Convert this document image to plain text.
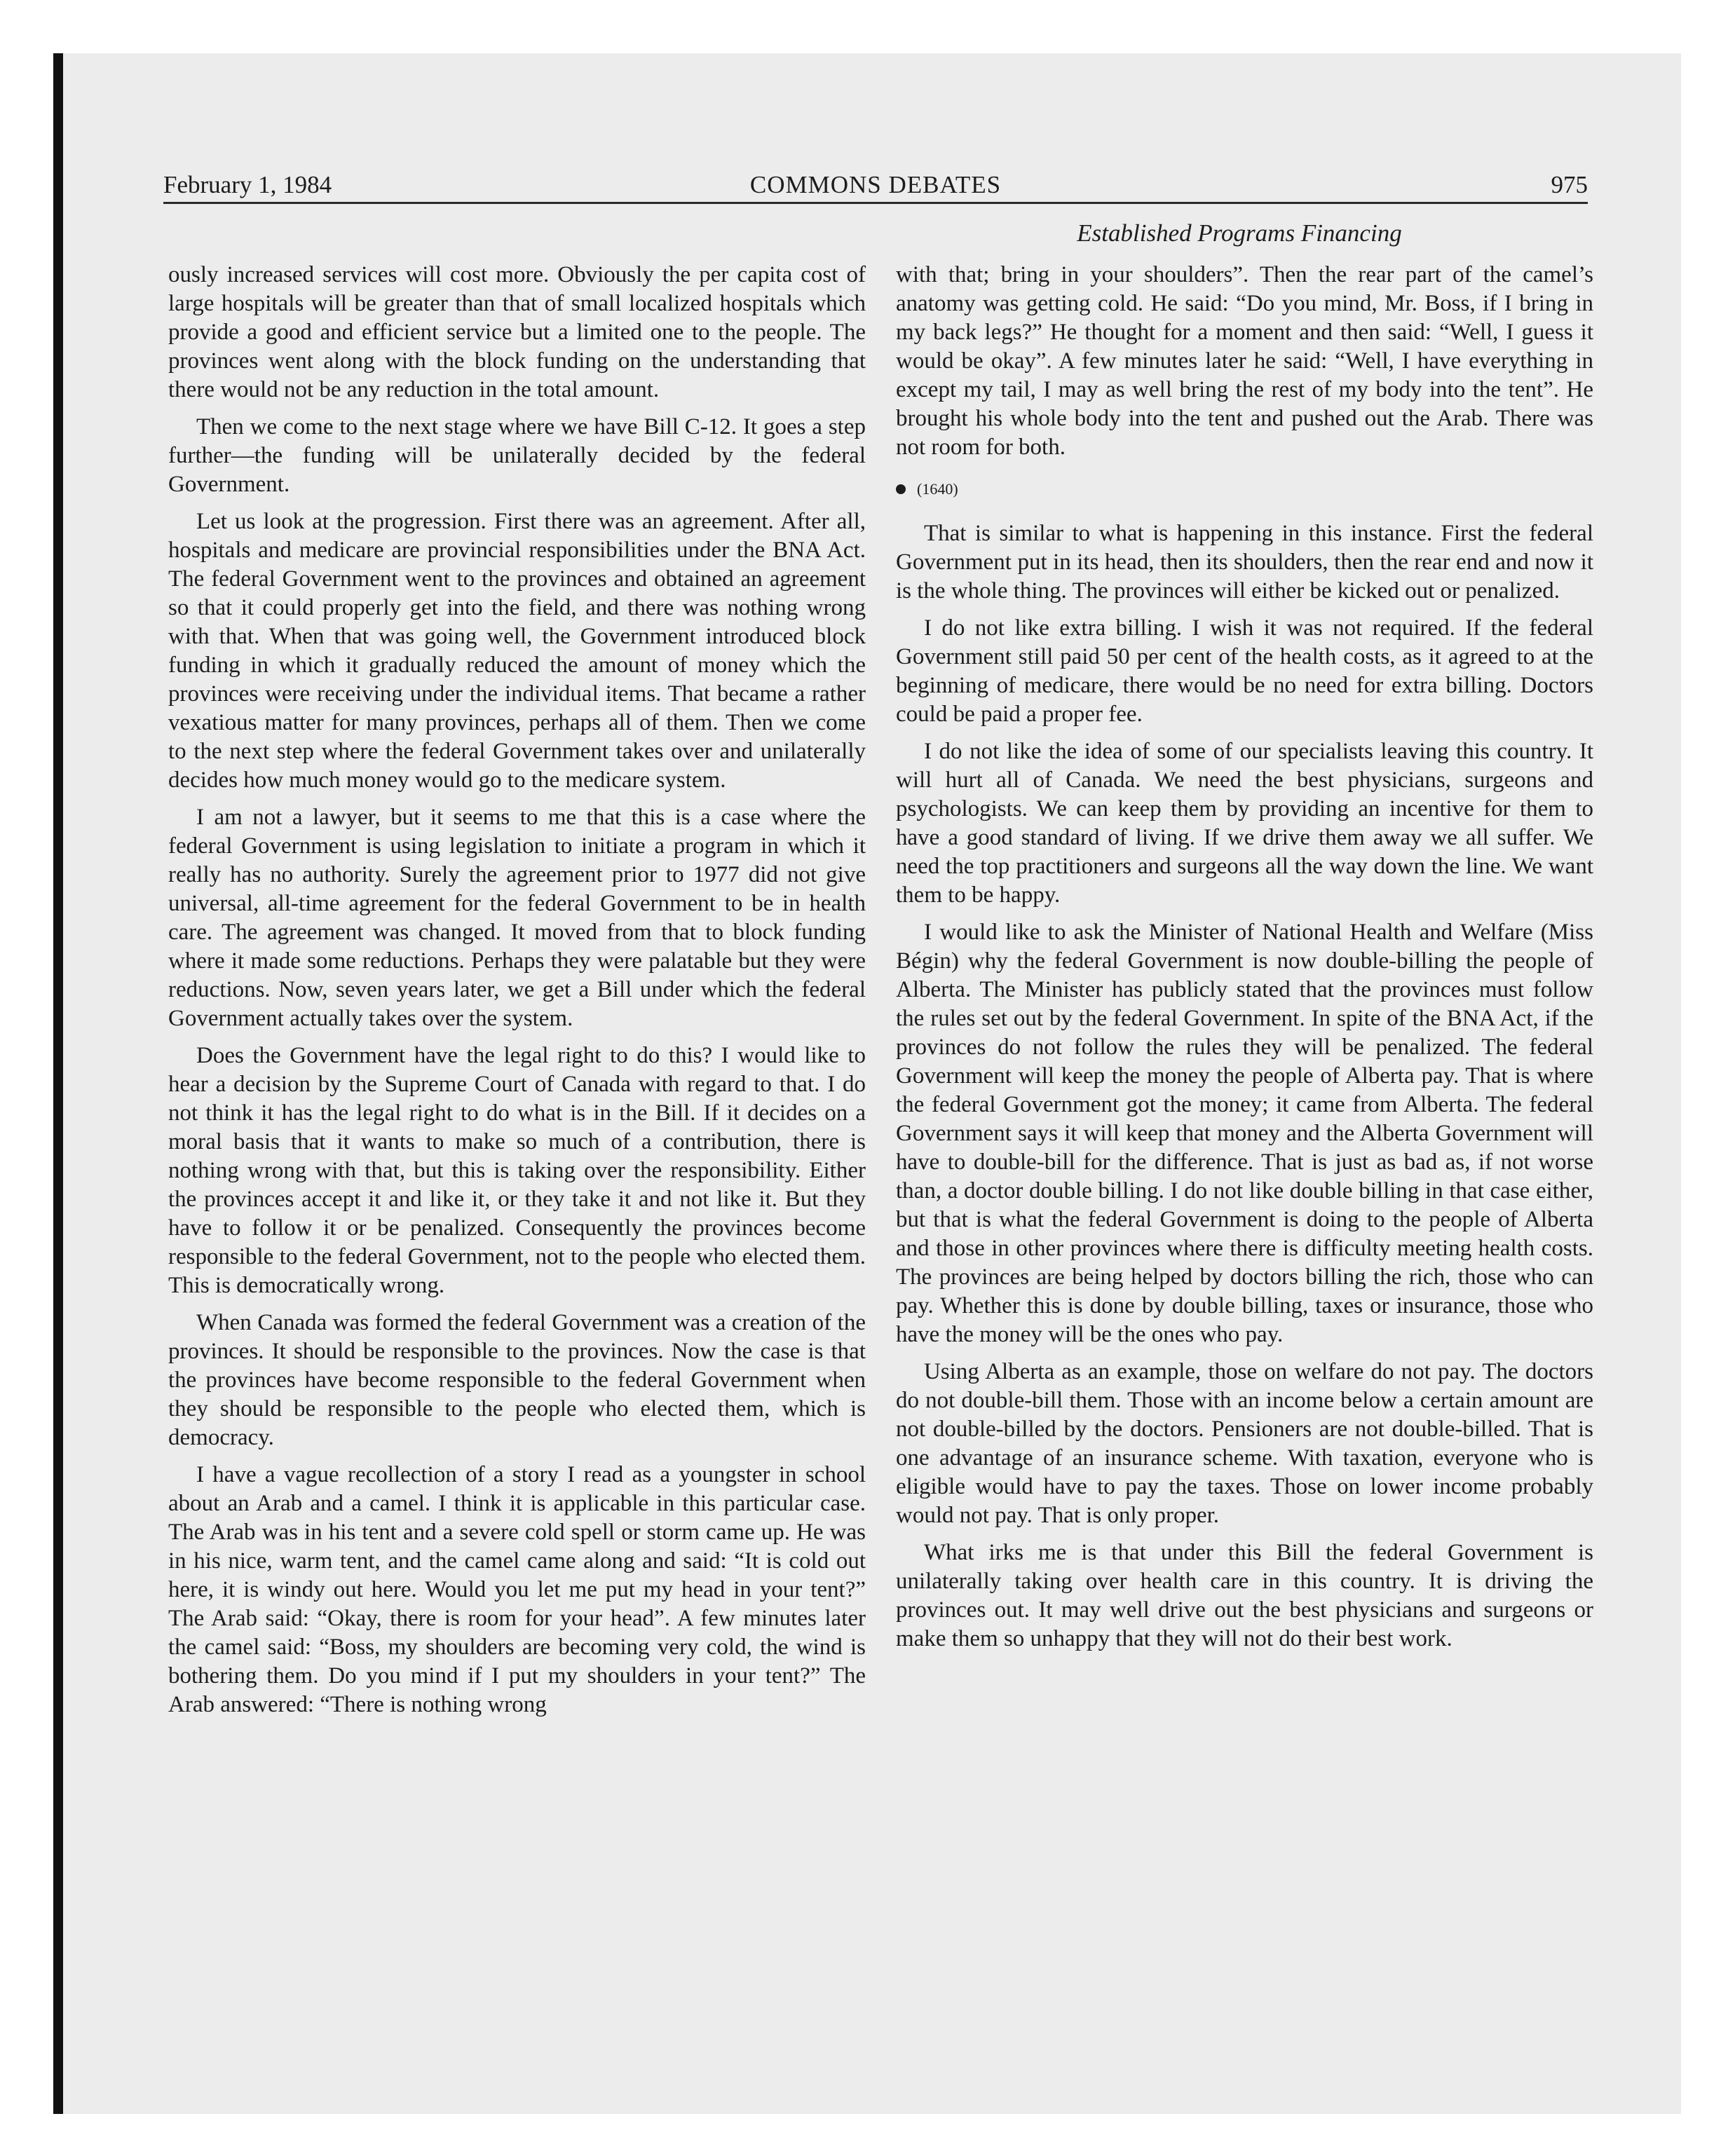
February 1, 1984	COMMONS DEBATES	975
Established Programs Financing

ously increased services will cost more. Obviously the per capita cost of large hospitals will be greater than that of small localized hospitals which provide a good and efficient service but a limited one to the people. The provinces went along with the block funding on the understanding that there would not be any reduction in the total amount.

Then we come to the next stage where we have Bill C-12. It goes a step further—the funding will be unilaterally decided by the federal Government.

Let us look at the progression. First there was an agreement. After all, hospitals and medicare are provincial responsibilities under the BNA Act. The federal Government went to the provinces and obtained an agreement so that it could properly get into the field, and there was nothing wrong with that. When that was going well, the Government introduced block funding in which it gradually reduced the amount of money which the provinces were receiving under the individual items. That became a rather vexatious matter for many provinces, perhaps all of them. Then we come to the next step where the federal Government takes over and unilaterally decides how much money would go to the medicare system.

I am not a lawyer, but it seems to me that this is a case where the federal Government is using legislation to initiate a program in which it really has no authority. Surely the agreement prior to 1977 did not give universal, all-time agreement for the federal Government to be in health care. The agreement was changed. It moved from that to block funding where it made some reductions. Perhaps they were palatable but they were reductions. Now, seven years later, we get a Bill under which the federal Government actually takes over the system.

Does the Government have the legal right to do this? I would like to hear a decision by the Supreme Court of Canada with regard to that. I do not think it has the legal right to do what is in the Bill. If it decides on a moral basis that it wants to make so much of a contribution, there is nothing wrong with that, but this is taking over the responsibility. Either the provinces accept it and like it, or they take it and not like it. But they have to follow it or be penalized. Consequently the provinces become responsible to the federal Government, not to the people who elected them. This is democratically wrong.

When Canada was formed the federal Government was a creation of the provinces. It should be responsible to the provinces. Now the case is that the provinces have become responsible to the federal Government when they should be responsible to the people who elected them, which is democracy.

I have a vague recollection of a story I read as a youngster in school about an Arab and a camel. I think it is applicable in this particular case. The Arab was in his tent and a severe cold spell or storm came up. He was in his nice, warm tent, and the camel came along and said: “It is cold out here, it is windy out here. Would you let me put my head in your tent?” The Arab said: “Okay, there is room for your head”. A few minutes later the camel said: “Boss, my shoulders are becoming very cold, the wind is bothering them. Do you mind if I put my shoulders in your tent?” The Arab answered: “There is nothing wrong

with that; bring in your shoulders”. Then the rear part of the camel’s anatomy was getting cold. He said: “Do you mind, Mr. Boss, if I bring in my back legs?” He thought for a moment and then said: “Well, I guess it would be okay”. A few minutes later he said: “Well, I have everything in except my tail, I may as well bring the rest of my body into the tent”. He brought his whole body into the tent and pushed out the Arab. There was not room for both.

(1640)

That is similar to what is happening in this instance. First the federal Government put in its head, then its shoulders, then the rear end and now it is the whole thing. The provinces will either be kicked out or penalized.

I do not like extra billing. I wish it was not required. If the federal Government still paid 50 per cent of the health costs, as it agreed to at the beginning of medicare, there would be no need for extra billing. Doctors could be paid a proper fee.

I do not like the idea of some of our specialists leaving this country. It will hurt all of Canada. We need the best physicians, surgeons and psychologists. We can keep them by providing an incentive for them to have a good standard of living. If we drive them away we all suffer. We need the top practitioners and surgeons all the way down the line. We want them to be happy.

I would like to ask the Minister of National Health and Welfare (Miss Bégin) why the federal Government is now double-billing the people of Alberta. The Minister has publicly stated that the provinces must follow the rules set out by the federal Government. In spite of the BNA Act, if the provinces do not follow the rules they will be penalized. The federal Government will keep the money the people of Alberta pay. That is where the federal Government got the money; it came from Alberta. The federal Government says it will keep that money and the Alberta Government will have to double-bill for the difference. That is just as bad as, if not worse than, a doctor double billing. I do not like double billing in that case either, but that is what the federal Government is doing to the people of Alberta and those in other provinces where there is difficulty meeting health costs. The provinces are being helped by doctors billing the rich, those who can pay. Whether this is done by double billing, taxes or insurance, those who have the money will be the ones who pay.

Using Alberta as an example, those on welfare do not pay. The doctors do not double-bill them. Those with an income below a certain amount are not double-billed by the doctors. Pensioners are not double-billed. That is one advantage of an insurance scheme. With taxation, everyone who is eligible would have to pay the taxes. Those on lower income probably would not pay. That is only proper.

What irks me is that under this Bill the federal Government is unilaterally taking over health care in this country. It is driving the provinces out. It may well drive out the best physicians and surgeons or make them so unhappy that they will not do their best work.
